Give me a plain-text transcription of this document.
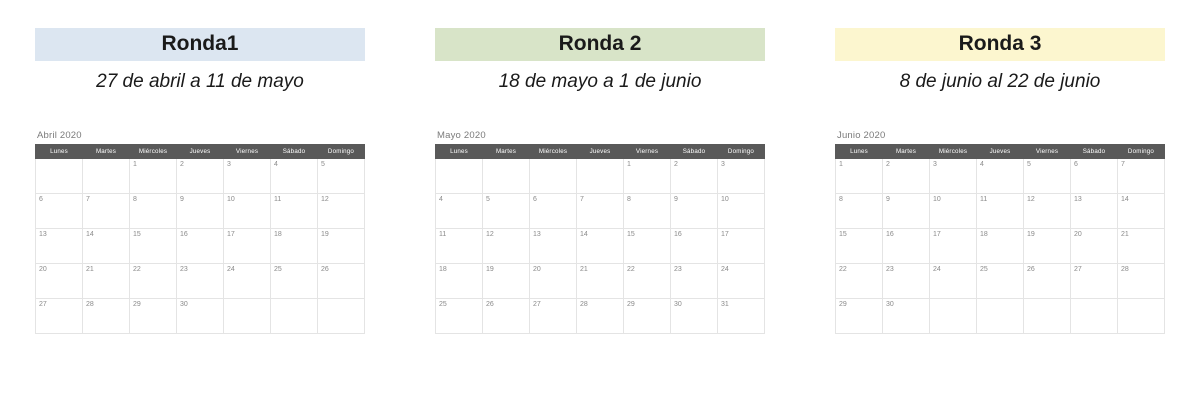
Ronda1
27 de abril a 11 de mayo
Abril 2020
Lunes	Martes	Miércoles	Jueves	Viernes	Sábado	Domingo
		1	2	3	4	5
6	7	8	9	10	11	12
13	14	15	16	17	18	19
20	21	22	23	24	25	26
27	28	29	30			
Ronda 2
18 de mayo a 1 de junio
Mayo 2020
Lunes	Martes	Miércoles	Jueves	Viernes	Sábado	Domingo
				1	2	3
4	5	6	7	8	9	10
11	12	13	14	15	16	17
18	19	20	21	22	23	24
25	26	27	28	29	30	31
Ronda 3
8 de junio al 22 de junio
Junio 2020
Lunes	Martes	Miércoles	Jueves	Viernes	Sábado	Domingo
1	2	3	4	5	6	7
8	9	10	11	12	13	14
15	16	17	18	19	20	21
22	23	24	25	26	27	28
29	30					
